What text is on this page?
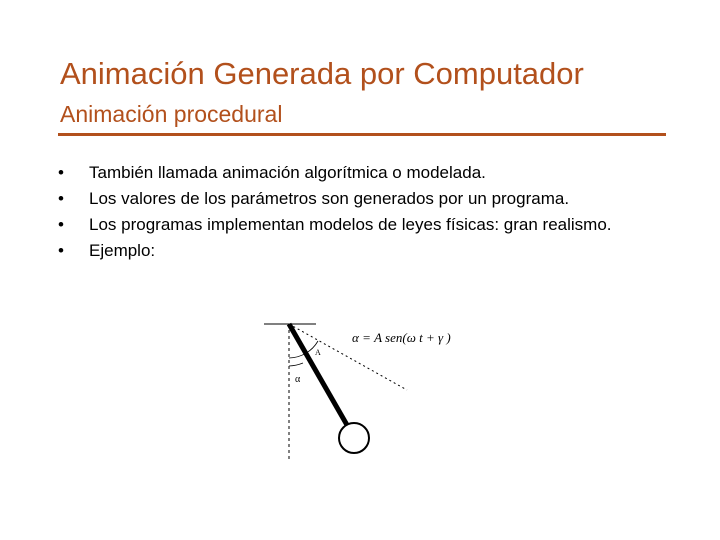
Animación Generada por Computador
Animación procedural
• También llamada animación algorítmica o modelada.
• Los valores de los parámetros son generados por un programa.
• Los programas implementan modelos de leyes físicas: gran realismo.
• Ejemplo:
A
α
α = A sen(ω t + γ )
